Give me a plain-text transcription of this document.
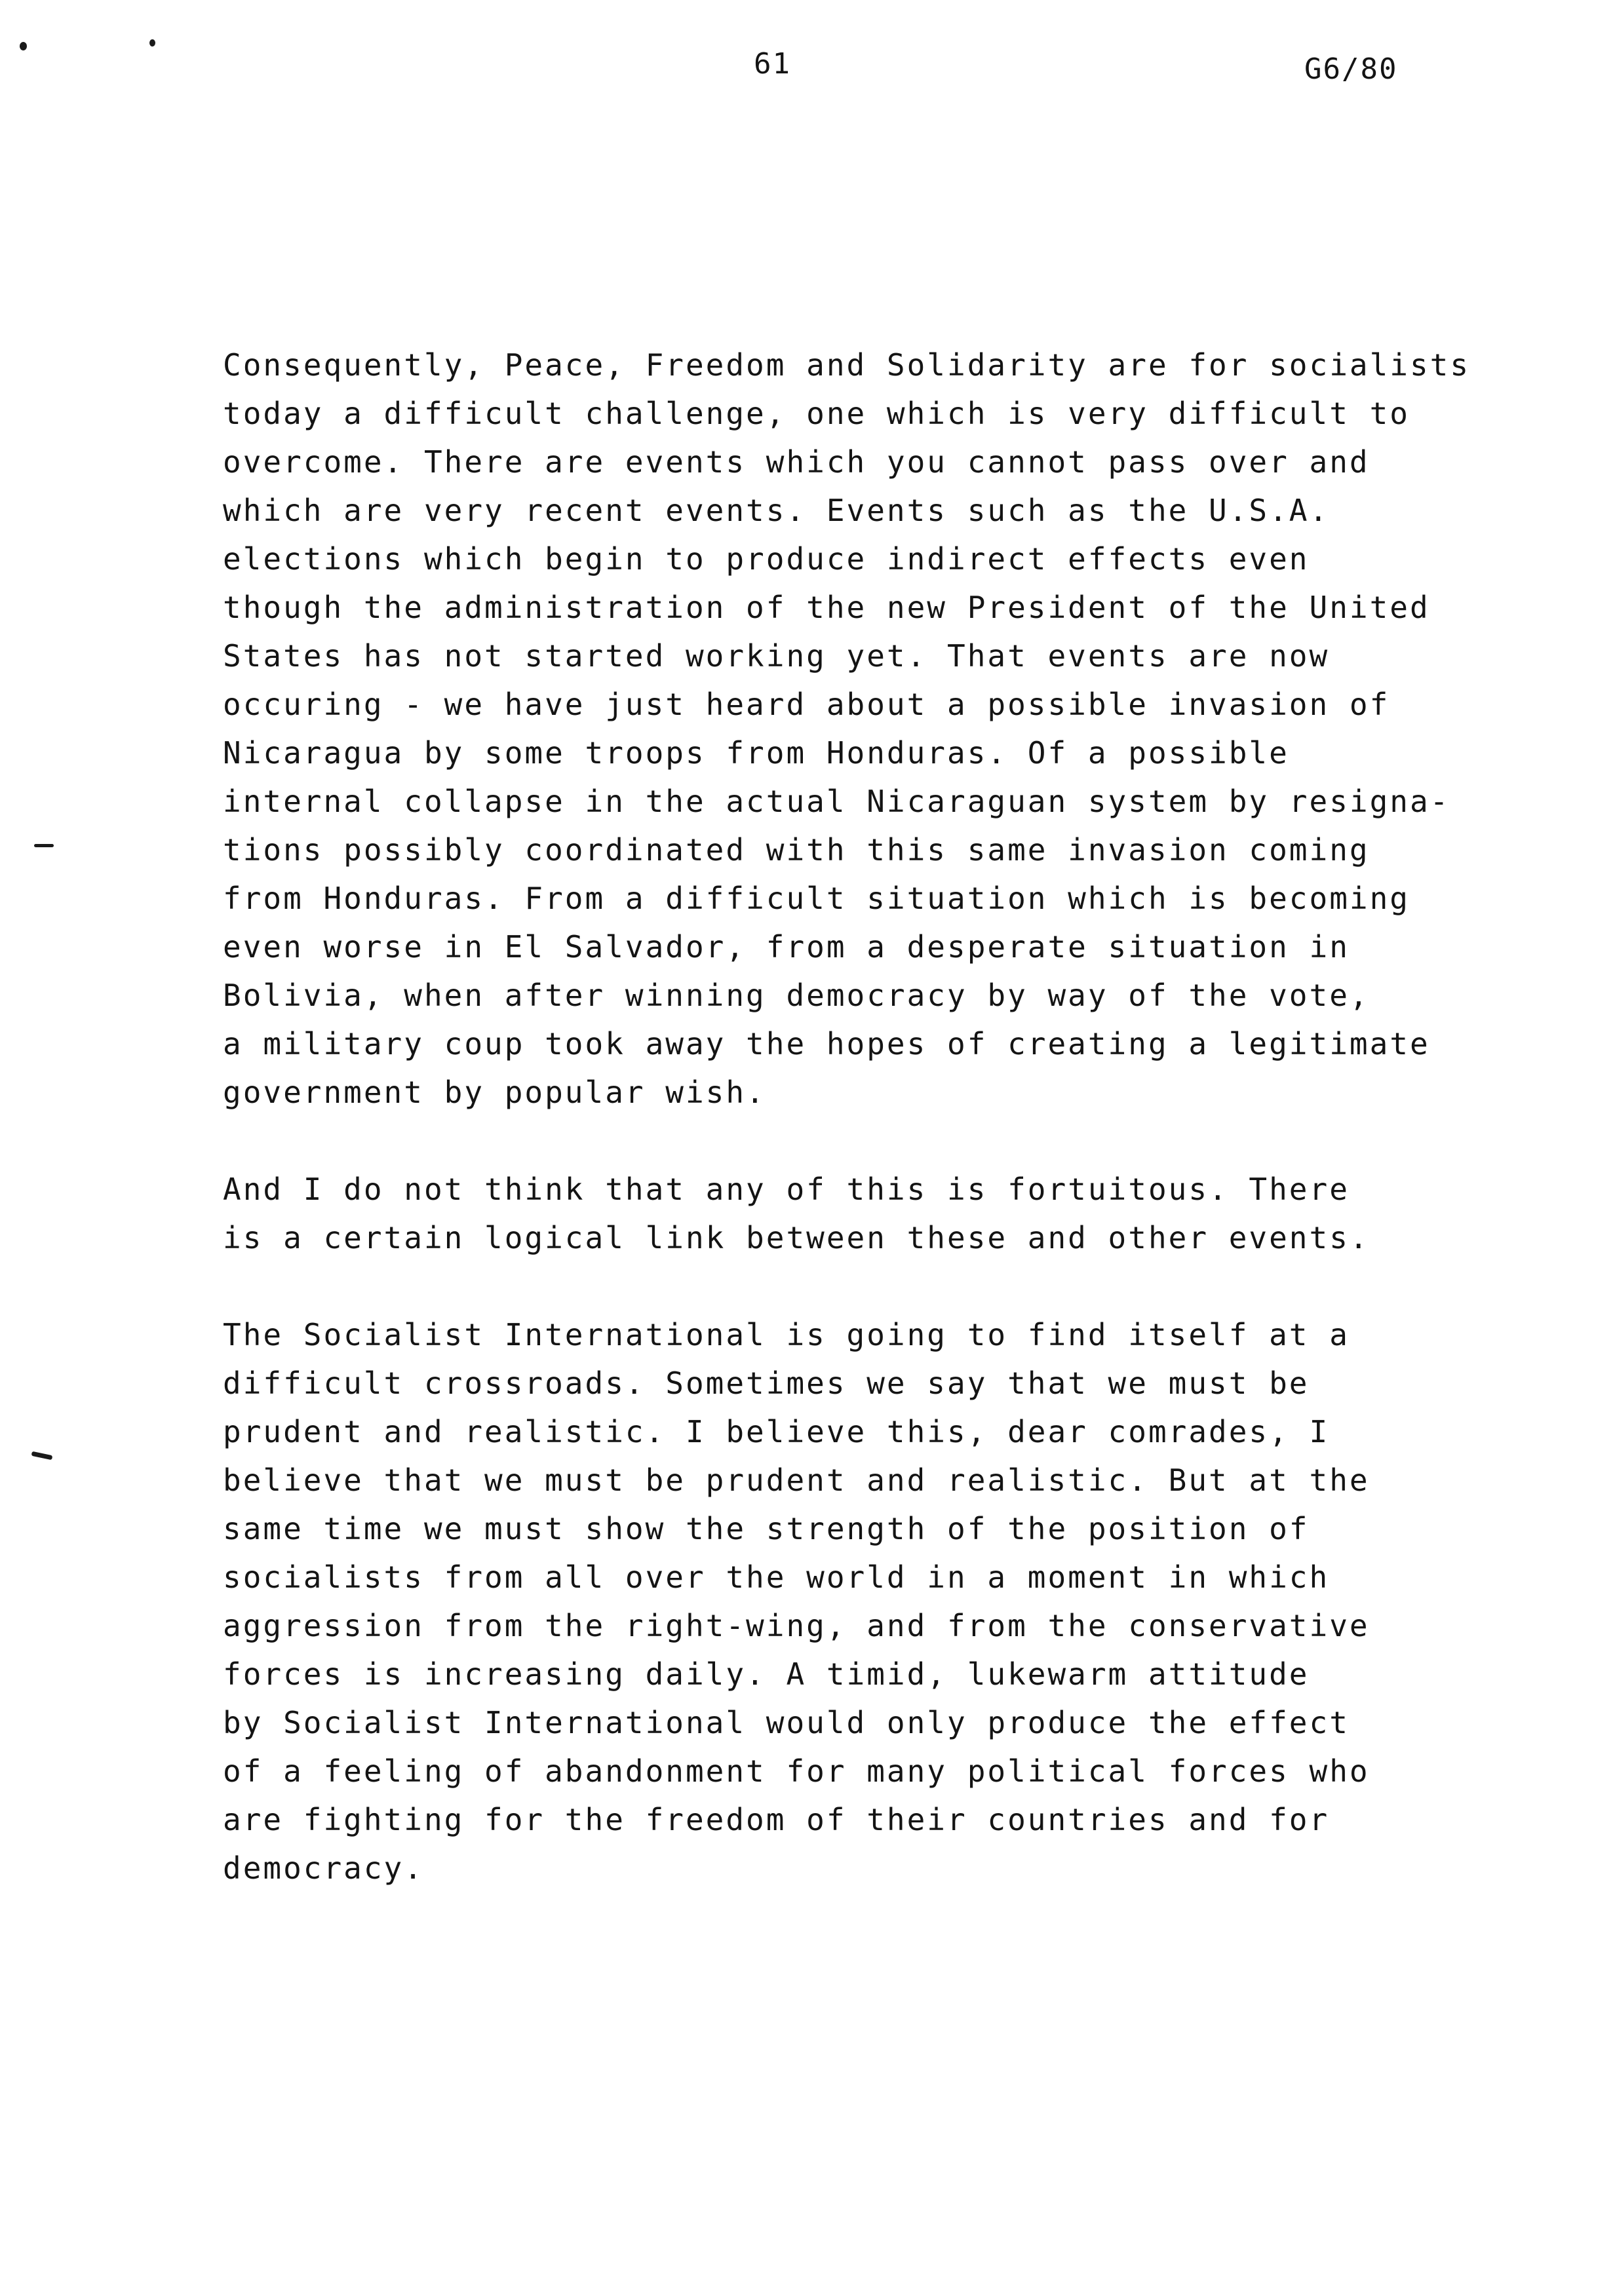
61	G6/80

Consequently, Peace, Freedom and Solidarity are for socialists
today a difficult challenge, one which is very difficult to
overcome. There are events which you cannot pass over and
which are very recent events. Events such as the U.S.A.
elections which begin to produce indirect effects even
though the administration of the new President of the United
States has not started working yet. That events are now
occuring - we have just heard about a possible invasion of
Nicaragua by some troops from Honduras. Of a possible
internal collapse in the actual Nicaraguan system by resigna-
tions possibly coordinated with this same invasion coming
from Honduras. From a difficult situation which is becoming
even worse in El Salvador, from a desperate situation in
Bolivia, when after winning democracy by way of the vote,
a military coup took away the hopes of creating a legitimate
government by popular wish.

And I do not think that any of this is fortuitous. There
is a certain logical link between these and other events.

The Socialist International is going to find itself at a
difficult crossroads. Sometimes we say that we must be
prudent and realistic. I believe this, dear comrades, I
believe that we must be prudent and realistic. But at the
same time we must show the strength of the position of
socialists from all over the world in a moment in which
aggression from the right-wing, and from the conservative
forces is increasing daily. A timid, lukewarm attitude
by Socialist International would only produce the effect
of a feeling of abandonment for many political forces who
are fighting for the freedom of their countries and for
democracy.
